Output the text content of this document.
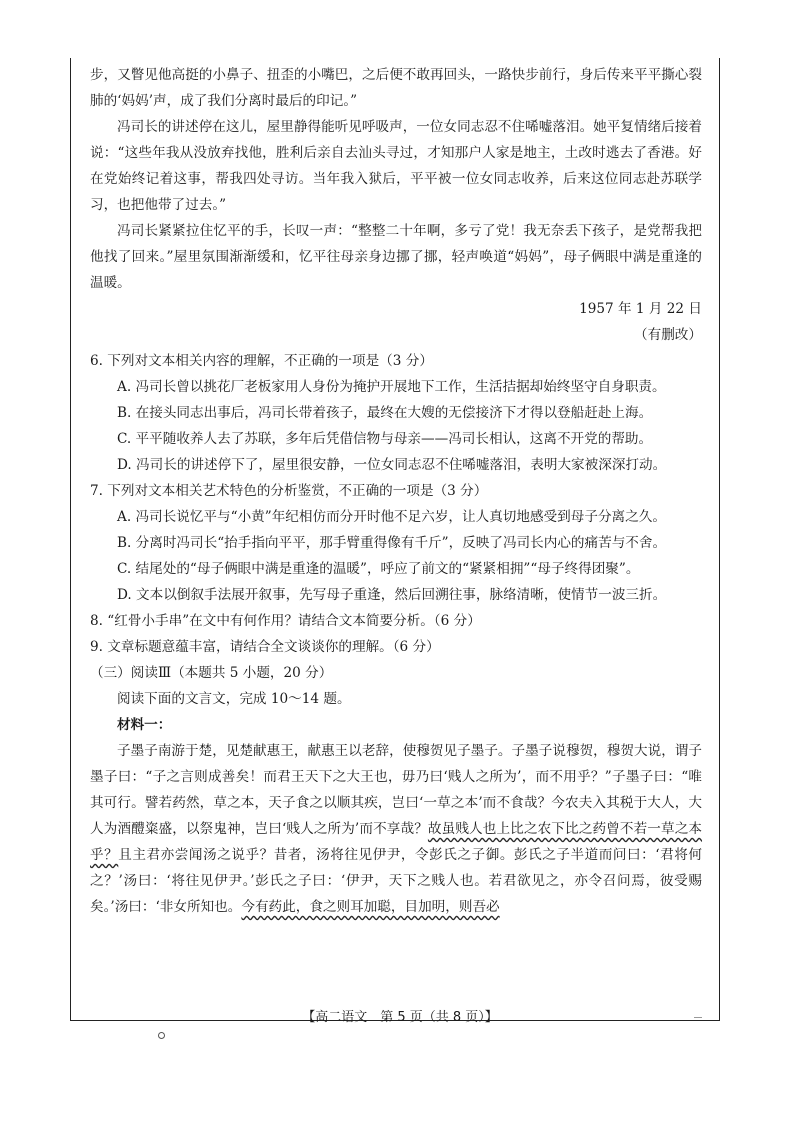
步，又瞥见他高挺的小鼻子、扭歪的小嘴巴，之后便不敢再回头，一路快步前行，身后传来平平撕心裂肺的‘妈妈’声，成了我们分离时最后的印记。”

冯司长的讲述停在这儿，屋里静得能听见呼吸声，一位女同志忍不住唏嘘落泪。她平复情绪后接着说：“这些年我从没放弃找他，胜利后亲自去汕头寻过，才知那户人家是地主，土改时逃去了香港。好在党始终记着这事，帮我四处寻访。当年我入狱后，平平被一位女同志收养，后来这位同志赴苏联学习，也把他带了过去。”

冯司长紧紧拉住忆平的手，长叹一声：“整整二十年啊，多亏了党！我无奈丢下孩子，是党帮我把他找了回来。”屋里氛围渐渐缓和，忆平往母亲身边挪了挪，轻声唤道“妈妈”，母子俩眼中满是重逢的温暖。

1957 年 1 月 22 日

（有删改）

6. 下列对文本相关内容的理解，不正确的一项是（3 分）

A. 冯司长曾以挑花厂老板家用人身份为掩护开展地下工作，生活拮据却始终坚守自身职责。

B. 在接头同志出事后，冯司长带着孩子，最终在大嫂的无偿接济下才得以登船赶赴上海。

C. 平平随收养人去了苏联，多年后凭借信物与母亲——冯司长相认，这离不开党的帮助。

D. 冯司长的讲述停下了，屋里很安静，一位女同志忍不住唏嘘落泪，表明大家被深深打动。

7. 下列对文本相关艺术特色的分析鉴赏，不正确的一项是（3 分）

A. 冯司长说忆平与“小黄”年纪相仿而分开时他不足六岁，让人真切地感受到母子分离之久。

B. 分离时冯司长“抬手指向平平，那手臂重得像有千斤”，反映了冯司长内心的痛苦与不舍。

C. 结尾处的“母子俩眼中满是重逢的温暖”，呼应了前文的“紧紧相拥”“母子终得团聚”。

D. 文本以倒叙手法展开叙事，先写母子重逢，然后回溯往事，脉络清晰，使情节一波三折。

8. “红骨小手串”在文中有何作用？请结合文本简要分析。（6 分）

9. 文章标题意蕴丰富，请结合全文谈谈你的理解。（6 分）

（三）阅读Ⅲ（本题共 5 小题，20 分）

阅读下面的文言文，完成 10～14 题。

材料一：

子墨子南游于楚，见楚献惠王，献惠王以老辞，使穆贺见子墨子。子墨子说穆贺，穆贺大说，谓子墨子曰：“子之言则成善矣！而君王天下之大王也，毋乃曰‘贱人之所为’，而不用乎？”子墨子曰：“唯其可行。譬若药然，草之本，天子食之以顺其疾，岂曰‘一草之本’而不食哉？今农夫入其税于大人，大人为酒醴粢盛，以祭鬼神，岂曰‘贱人之所为’而不享哉？故虽贱人也上比之农下比之药曾不若一草之本乎？且主君亦尝闻汤之说乎？昔者，汤将往见伊尹，令彭氏之子御。彭氏之子半道而问曰：‘君将何之？’汤曰：‘将往见伊尹。’彭氏之子曰：‘伊尹，天下之贱人也。若君欲见之，亦令召问焉，彼受赐矣。’汤曰：‘非女所知也。今有药此，食之则耳加聪，目加明，则吾必

【高二语文　第 5 页（共 8 页）】
